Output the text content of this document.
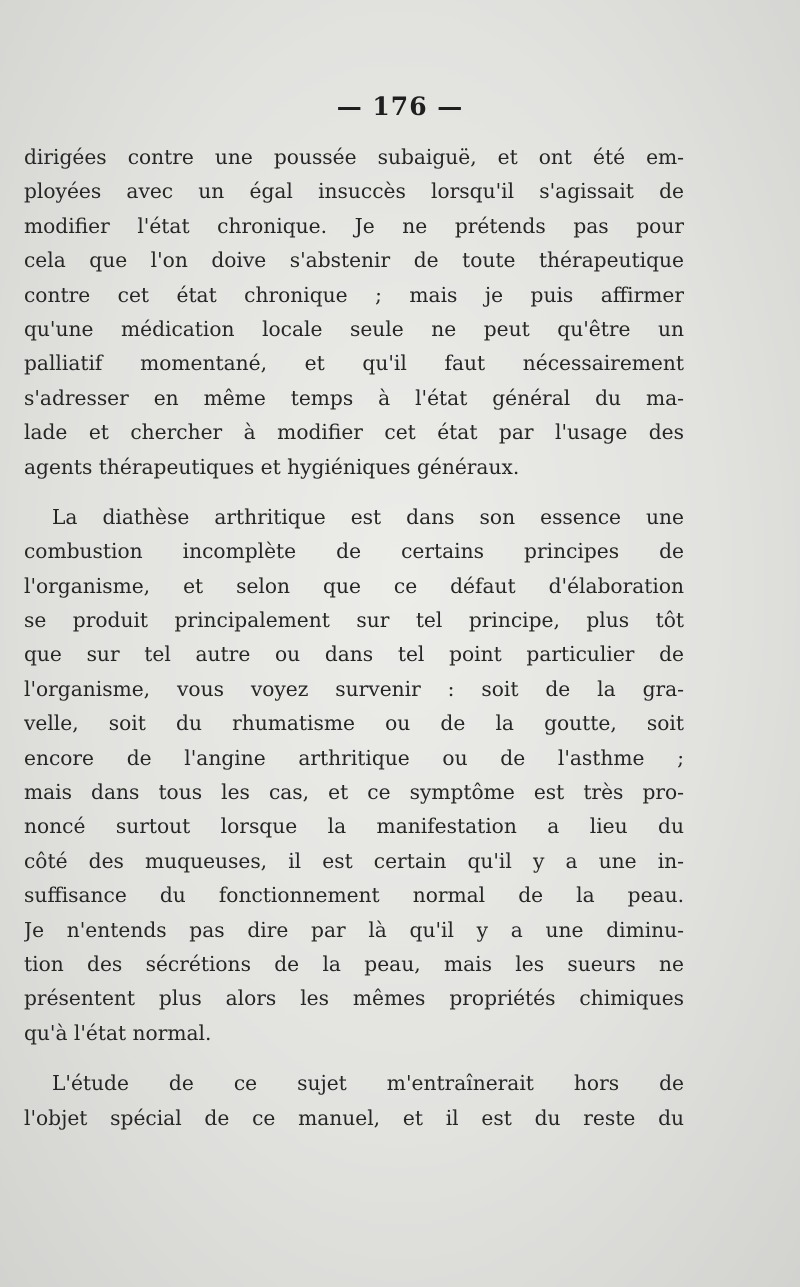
— 176 —
dirigées contre une poussée subaiguë, et ont été em-
ployées avec un égal insuccès lorsqu'il s'agissait de
modifier l'état chronique. Je ne prétends pas pour
cela que l'on doive s'abstenir de toute thérapeutique
contre cet état chronique ; mais je puis affirmer
qu'une médication locale seule ne peut qu'être un
palliatif momentané, et qu'il faut nécessairement
s'adresser en même temps à l'état général du ma-
lade et chercher à modifier cet état par l'usage des
agents thérapeutiques et hygiéniques généraux.
La diathèse arthritique est dans son essence une
combustion incomplète de certains principes de
l'organisme, et selon que ce défaut d'élaboration
se produit principalement sur tel principe, plus tôt
que sur tel autre ou dans tel point particulier de
l'organisme, vous voyez survenir : soit de la gra-
velle, soit du rhumatisme ou de la goutte, soit
encore de l'angine arthritique ou de l'asthme ;
mais dans tous les cas, et ce symptôme est très pro-
noncé surtout lorsque la manifestation a lieu du
côté des muqueuses, il est certain qu'il y a une in-
suffisance du fonctionnement normal de la peau.
Je n'entends pas dire par là qu'il y a une diminu-
tion des sécrétions de la peau, mais les sueurs ne
présentent plus alors les mêmes propriétés chimiques
qu'à l'état normal.
L'étude de ce sujet m'entraînerait hors de
l'objet spécial de ce manuel, et il est du reste du
